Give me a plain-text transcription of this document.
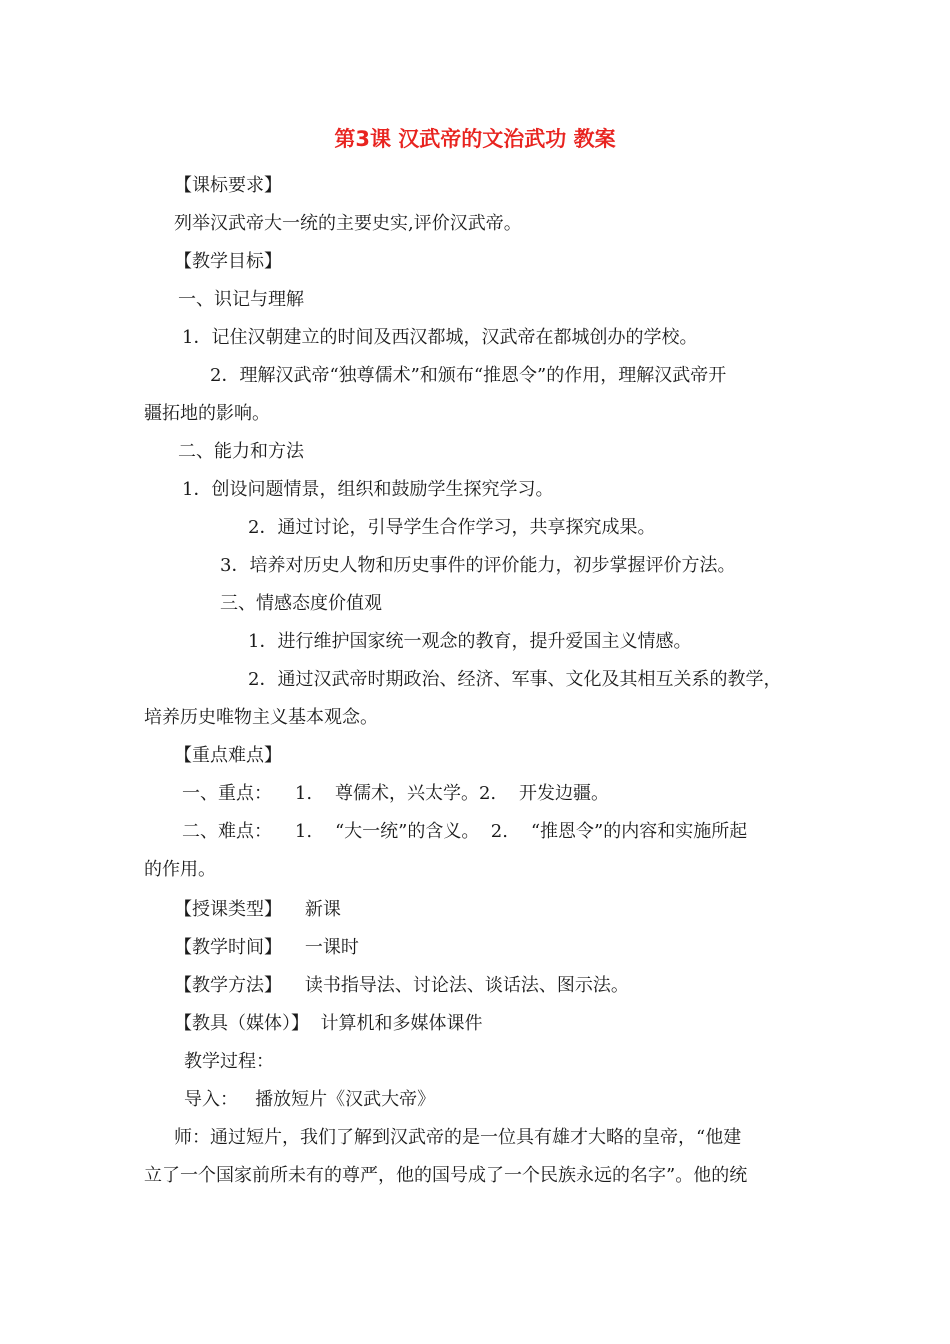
第3课 汉武帝的文治武功 教案
【课标要求】
列举汉武帝大一统的主要史实,评价汉武帝。
【教学目标】
一、识记与理解
1．记住汉朝建立的时间及西汉都城，汉武帝在都城创办的学校。
2．理解汉武帝“独尊儒术”和颁布“推恩令”的作用，理解汉武帝开
疆拓地的影响。
二、能力和方法
1．创设问题情景，组织和鼓励学生探究学习。
2．通过讨论，引导学生合作学习，共享探究成果。
3．培养对历史人物和历史事件的评价能力，初步掌握评价方法。
三、情感态度价值观
1．进行维护国家统一观念的教育，提升爱国主义情感。
2．通过汉武帝时期政治、经济、军事、文化及其相互关系的教学，
培养历史唯物主义基本观念。
【重点难点】
一、重点：    1.    尊儒术，兴太学。2.    开发边疆。
二、难点：    1.    “大一统”的含义。  2.    “推恩令”的内容和实施所起
的作用。
【授课类型】    新课
【教学时间】    一课时
【教学方法】    读书指导法、讨论法、谈话法、图示法。
【教具（媒体）】  计算机和多媒体课件
教学过程：
导入：   播放短片《汉武大帝》
师：通过短片，我们了解到汉武帝的是一位具有雄才大略的皇帝，“他建
立了一个国家前所未有的尊严，他的国号成了一个民族永远的名字”。他的统
